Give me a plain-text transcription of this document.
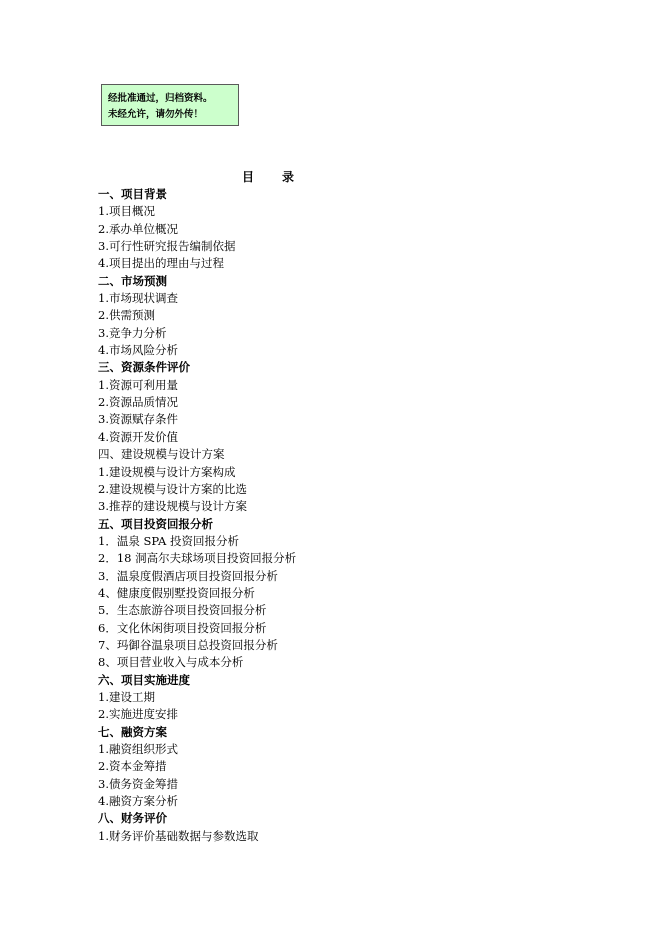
经批准通过，归档资料。
未经允许，请勿外传！
目 录
一、项目背景
1.项目概况
2.承办单位概况
3.可行性研究报告编制依据
4.项目提出的理由与过程
二、市场预测
1.市场现状调查
2.供需预测
3.竞争力分析
4.市场风险分析
三、资源条件评价
1.资源可利用量
2.资源品质情况
3.资源赋存条件
4.资源开发价值
四、建设规模与设计方案
1.建设规模与设计方案构成
2.建设规模与设计方案的比选
3.推荐的建设规模与设计方案
五、项目投资回报分析
1．温泉 SPA 投资回报分析
2．18 洞高尔夫球场项目投资回报分析
3．温泉度假酒店项目投资回报分析
4、健康度假别墅投资回报分析
5．生态旅游谷项目投资回报分析
6．文化休闲街项目投资回报分析
7、玛御谷温泉项目总投资回报分析
8、项目营业收入与成本分析
六、项目实施进度
1.建设工期
2.实施进度安排
七、融资方案
1.融资组织形式
2.资本金筹措
3.债务资金筹措
4.融资方案分析
八、财务评价
1.财务评价基础数据与参数选取
